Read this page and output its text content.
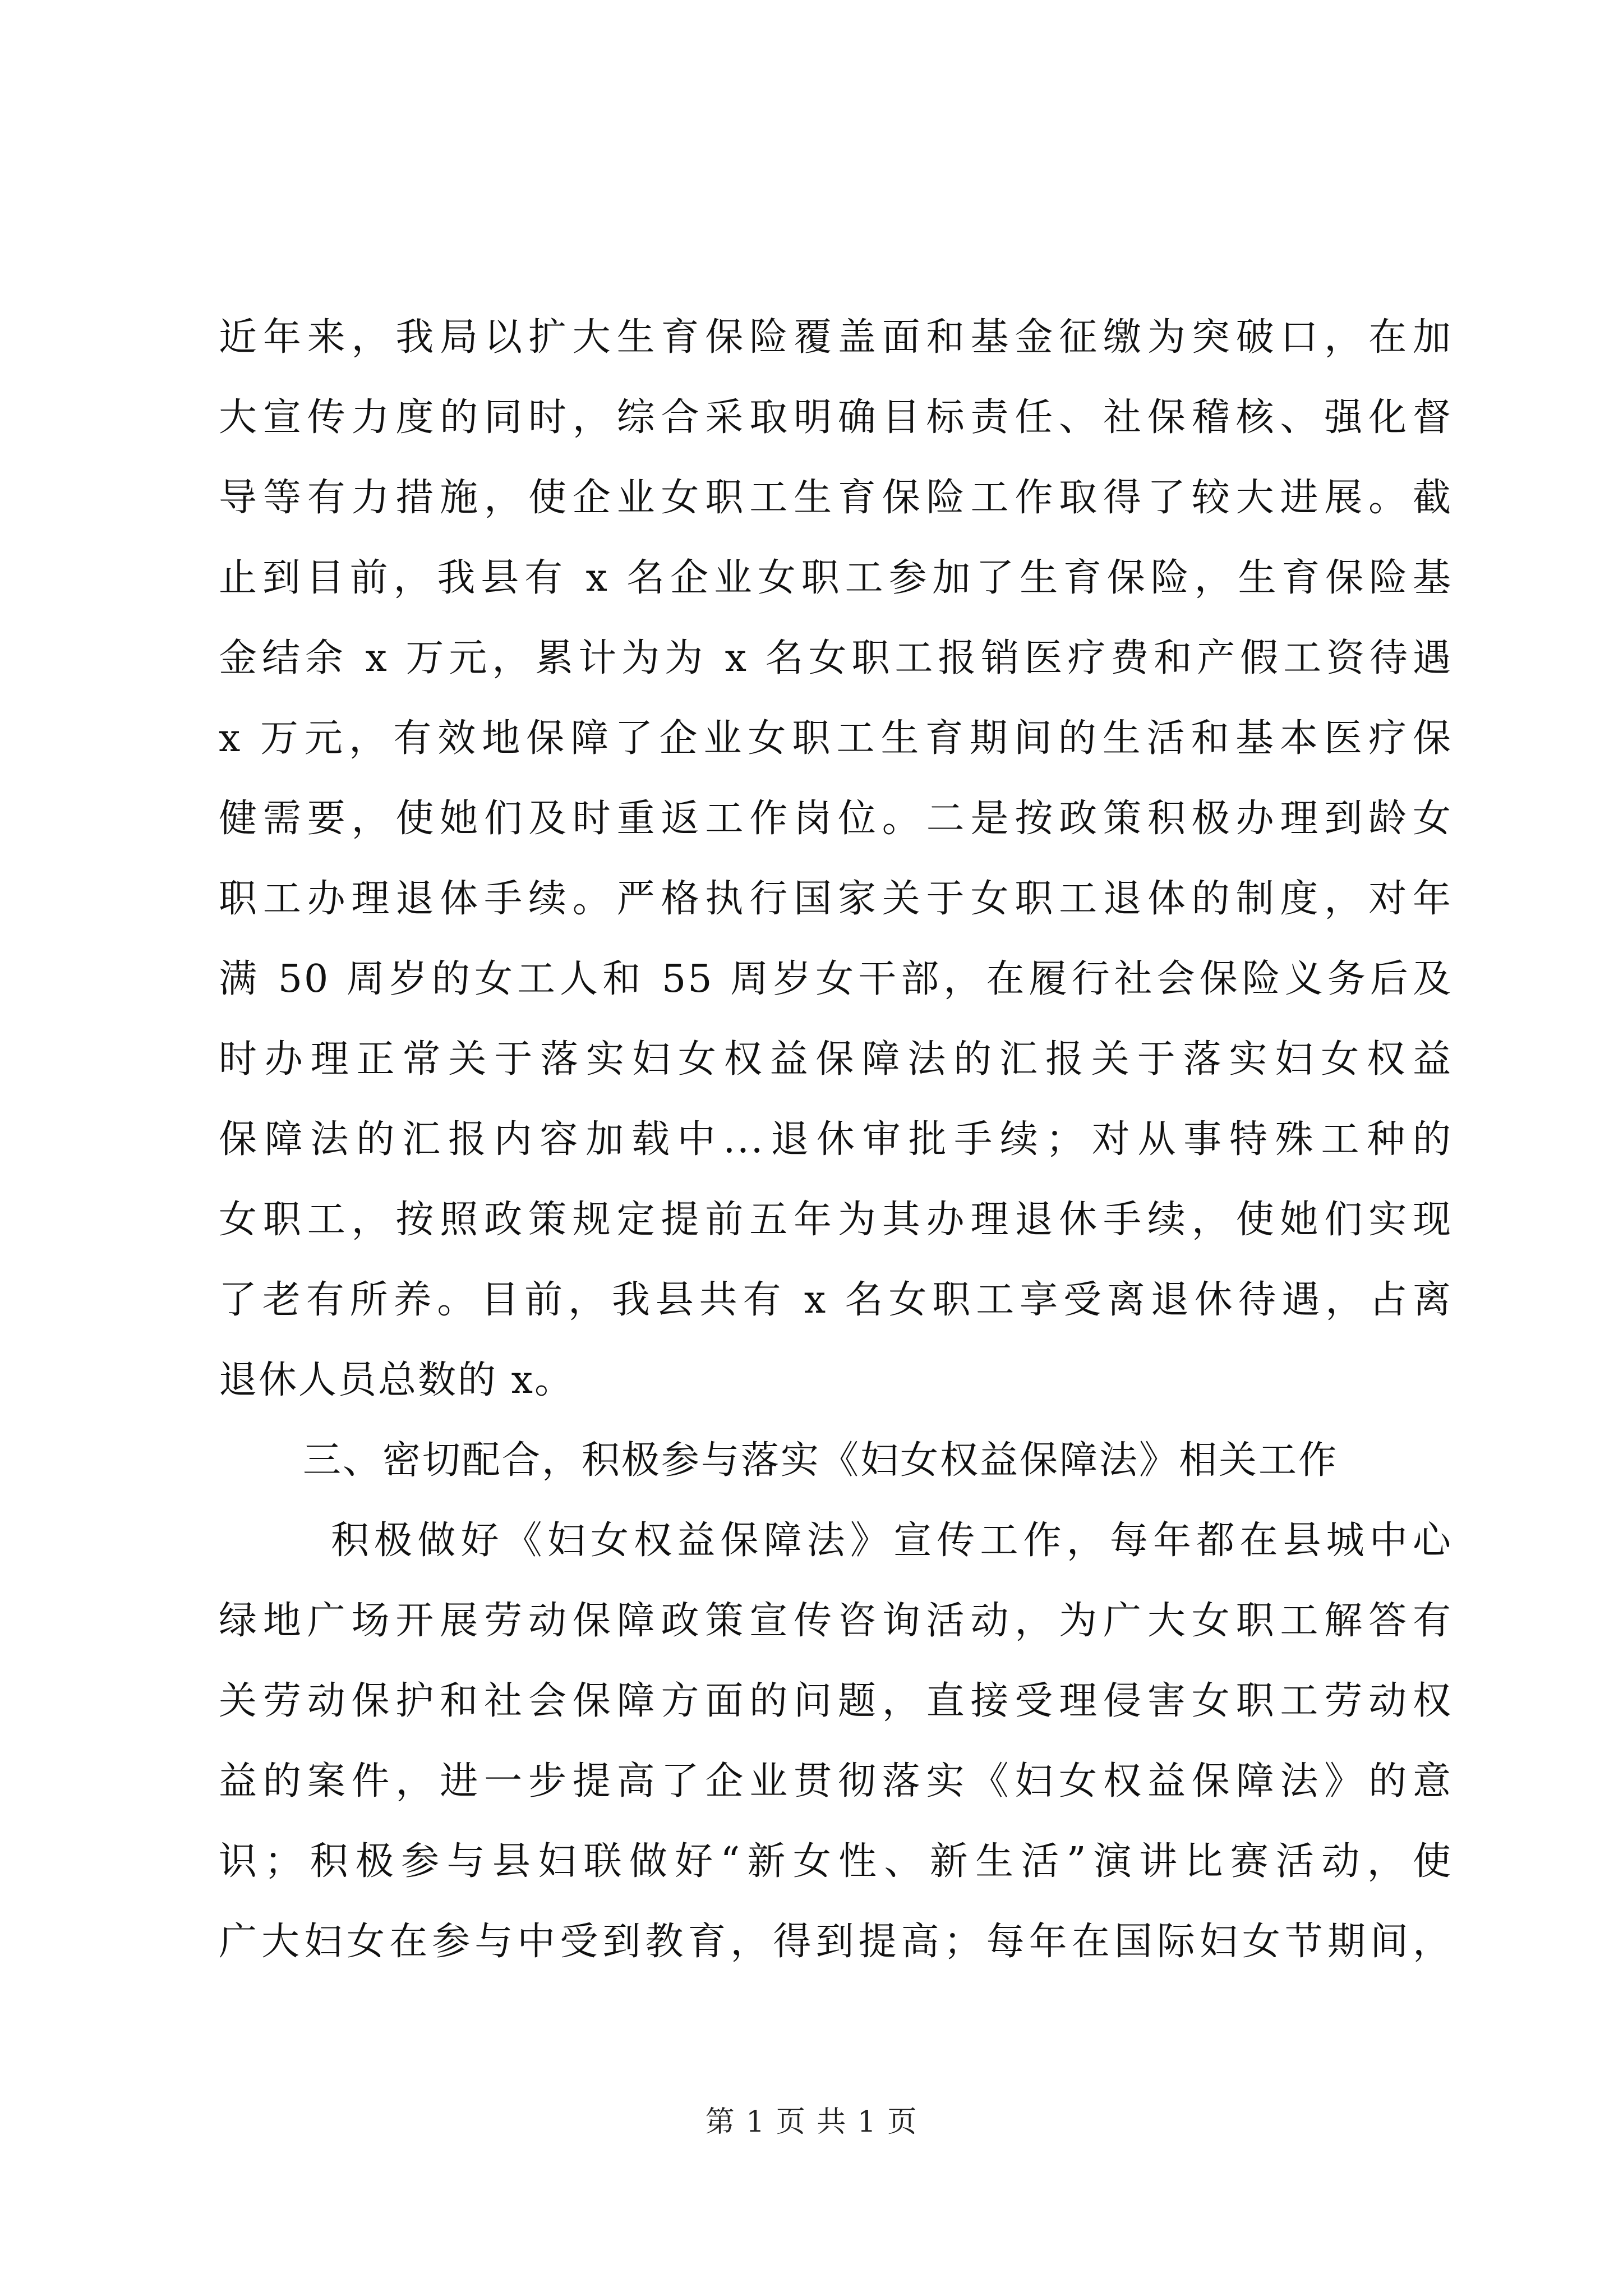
近年来，我局以扩大生育保险覆盖面和基金征缴为突破口，在加
大宣传力度的同时，综合采取明确目标责任、社保稽核、强化督
导等有力措施，使企业女职工生育保险工作取得了较大进展。截
止到目前，我县有 x 名企业女职工参加了生育保险，生育保险基
金结余 x 万元，累计为为 x 名女职工报销医疗费和产假工资待遇
x 万元，有效地保障了企业女职工生育期间的生活和基本医疗保
健需要，使她们及时重返工作岗位。二是按政策积极办理到龄女
职工办理退体手续。严格执行国家关于女职工退体的制度，对年
满 50 周岁的女工人和 55 周岁女干部，在履行社会保险义务后及
时办理正常关于落实妇女权益保障法的汇报关于落实妇女权益
保障法的汇报内容加载中...退休审批手续；对从事特殊工种的
女职工，按照政策规定提前五年为其办理退休手续，使她们实现
了老有所养。目前，我县共有 x 名女职工享受离退休待遇，占离
退休人员总数的 x。
三、密切配合，积极参与落实《妇女权益保障法》相关工作
积极做好《妇女权益保障法》宣传工作，每年都在县城中心
绿地广场开展劳动保障政策宣传咨询活动，为广大女职工解答有
关劳动保护和社会保障方面的问题，直接受理侵害女职工劳动权
益的案件，进一步提高了企业贯彻落实《妇女权益保障法》的意
识；积极参与县妇联做好“新女性、新生活”演讲比赛活动，使
广大妇女在参与中受到教育，得到提高；每年在国际妇女节期间，
第 1 页 共 1 页
